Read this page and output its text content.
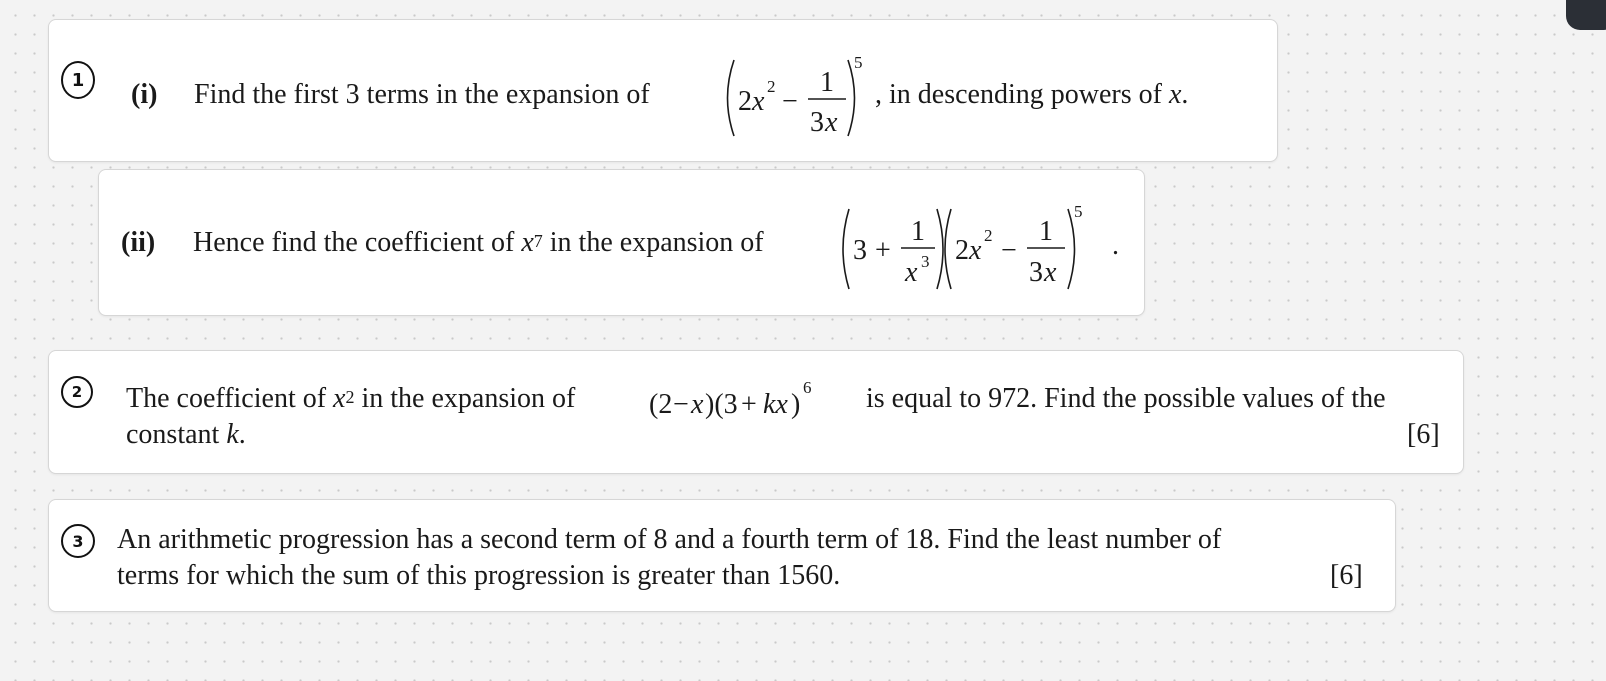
1 (i) Find the first 3 terms in the expansion of	2 x 2 −
1
3 x
5
, in descending powers of x.
(ii) Hence find the coefficient of $x^7$ in the expansion of	3 +
1
x 3 2 x 2 −
1
3 x
5
.
2 The coefficient of $x^2$ in the expansion of	(2 − x )(3 + kx )
6 is equal to 972. Find the possible values of the
constant k.	[6]
3 An arithmetic progression has a second term of 8 and a fourth term of 18. Find the least number of
terms for which the sum of this progression is greater than 1560.	[6]
